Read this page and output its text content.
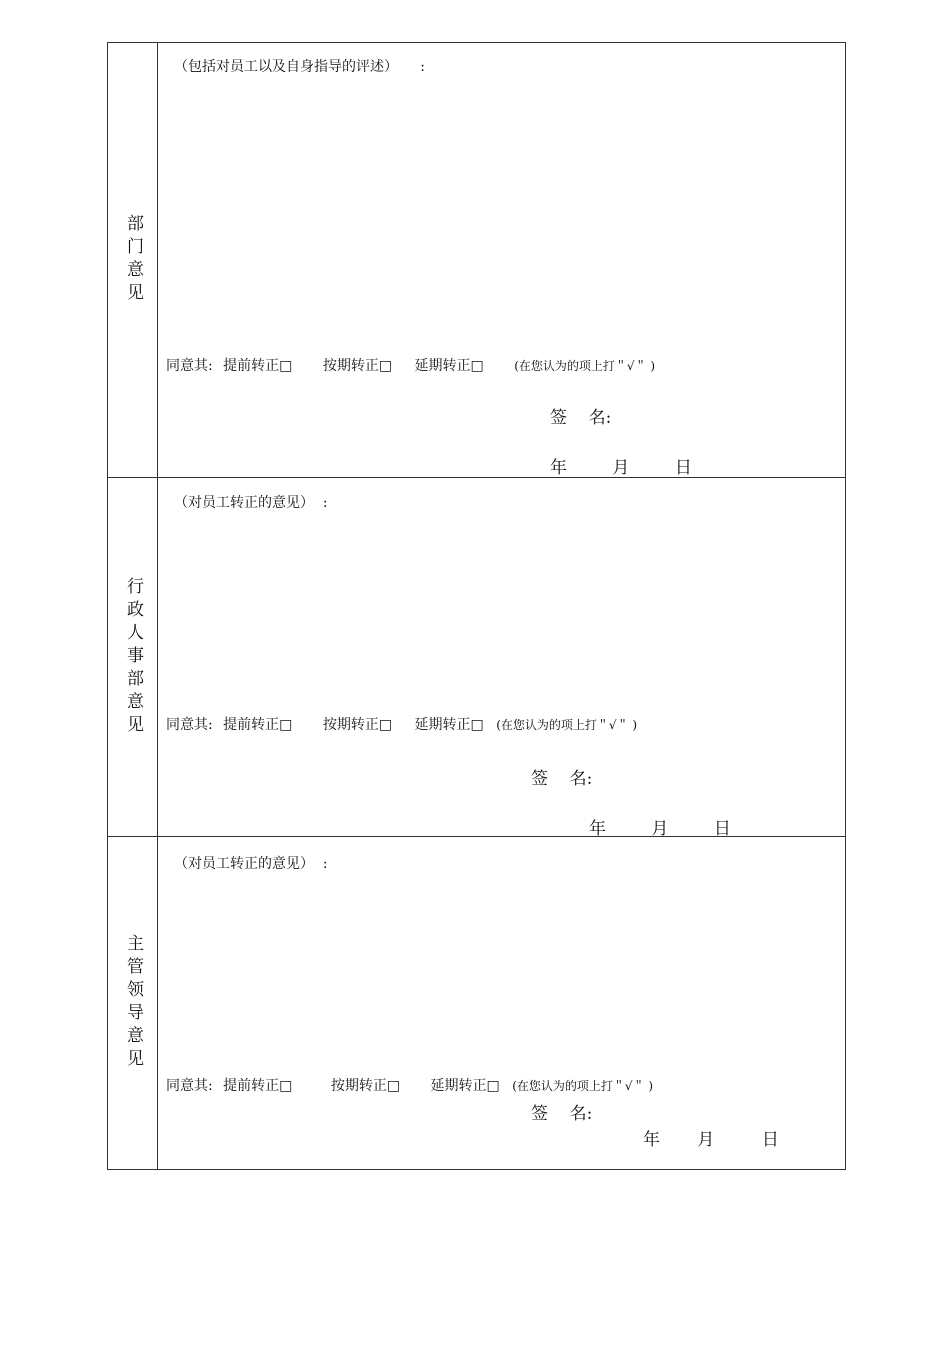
部门意见
（包括对员工以及自身指导的评述）     :
同意其: 提前转正□ 按期转正□ 延期转正□	(在您认为的项上打＂√＂ )
签    名:
年	月	日
行政人事部意见
（对员工转正的意见）  :
同意其: 提前转正□ 按期转正□ 延期转正□ (在您认为的项上打＂√＂ )
签    名:
年	月	日
主管领导意见
（对员工转正的意见）  :
同意其: 提前转正□	按期转正□ 延期转正□ (在您认为的项上打＂√＂ )
签    名:
年 月	日
